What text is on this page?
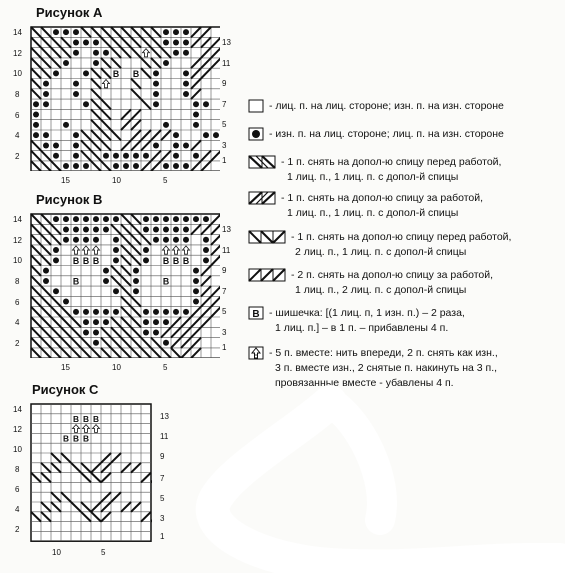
Рисунок A
B B
14
12
10
8
6
4
2
13
11
9
7
5
3
1
15	10	5
Рисунок B
B B B	B B B
B	B
14
12
10
8
6
4
2
13
11
9
7
5
3
1
15	10	5
Рисунок C
B B B
B B B
14
12
10
8
6
4
2
13
11
9
7
5
3
1
10	5
- лиц. п. на лиц. стороне; изн. п. на изн. стороне
- изн. п. на лиц. стороне; лиц. п. на изн. стороне
- 1 п. снять на допол-ю спицу перед работой,
1 лиц. п., 1 лиц. п. с допол-й спицы
- 1 п. снять на допол-ю спицу за работой,
1 лиц. п., 1 лиц. п. с допол-й спицы
- 1 п. снять на допол-ю спицу перед работой,
2 лиц. п., 1 лиц. п. с допол-й спицы
- 2 п. снять на допол-ю спицу за работой,
1 лиц. п., 2 лиц. п. с допол-й спицы
B - шишечка: [(1 лиц. п, 1 изн. п.) – 2 раза,
1 лиц. п.] – в 1 п. – прибавлены 4 п.
- 5 п. вместе: нить впереди, 2 п. снять как изн.,
3 п. вместе изн., 2 снятые п. накинуть на 3 п.,
провязанные вместе - убавлены 4 п.
